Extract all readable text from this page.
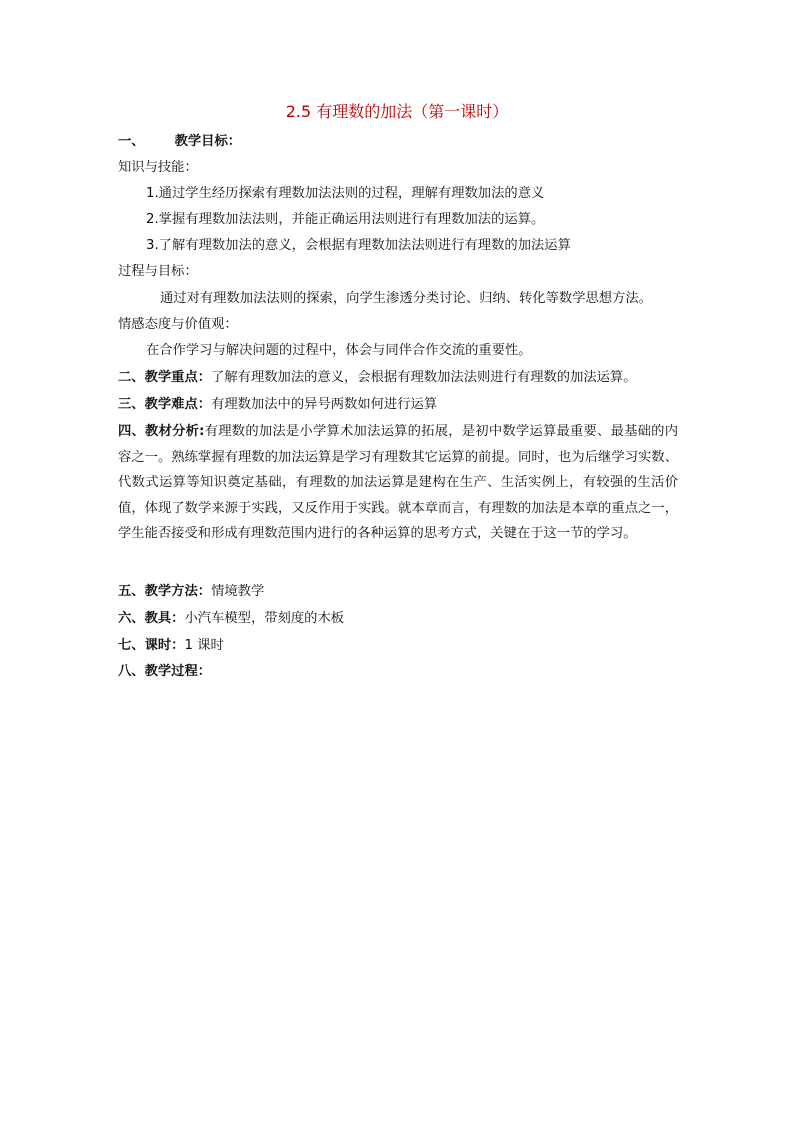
2.5 有理数的加法（第一课时）
一、 教学目标：
知识与技能：
1.通过学生经历探索有理数加法法则的过程，理解有理数加法的意义
2.掌握有理数加法法则，并能正确运用法则进行有理数加法的运算。
3.了解有理数加法的意义，会根据有理数加法法则进行有理数的加法运算
过程与目标：
通过对有理数加法法则的探索，向学生渗透分类讨论、归纳、转化等数学思想方法。
情感态度与价值观：
在合作学习与解决问题的过程中，体会与同伴合作交流的重要性。
二、教学重点：了解有理数加法的意义，会根据有理数加法法则进行有理数的加法运算。
三、教学难点：有理数加法中的异号两数如何进行运算
四、教材分析:有理数的加法是小学算术加法运算的拓展，是初中数学运算最重要、最基础的内容之一。熟练掌握有理数的加法运算是学习有理数其它运算的前提。同时，也为后继学习实数、代数式运算等知识奠定基础，有理数的加法运算是建构在生产、生活实例上，有较强的生活价值，体现了数学来源于实践，又反作用于实践。就本章而言，有理数的加法是本章的重点之一，学生能否接受和形成有理数范围内进行的各种运算的思考方式，关键在于这一节的学习。
五、教学方法：情境教学
六、教具：小汽车模型，带刻度的木板
七、课时：1 课时
八、教学过程：
